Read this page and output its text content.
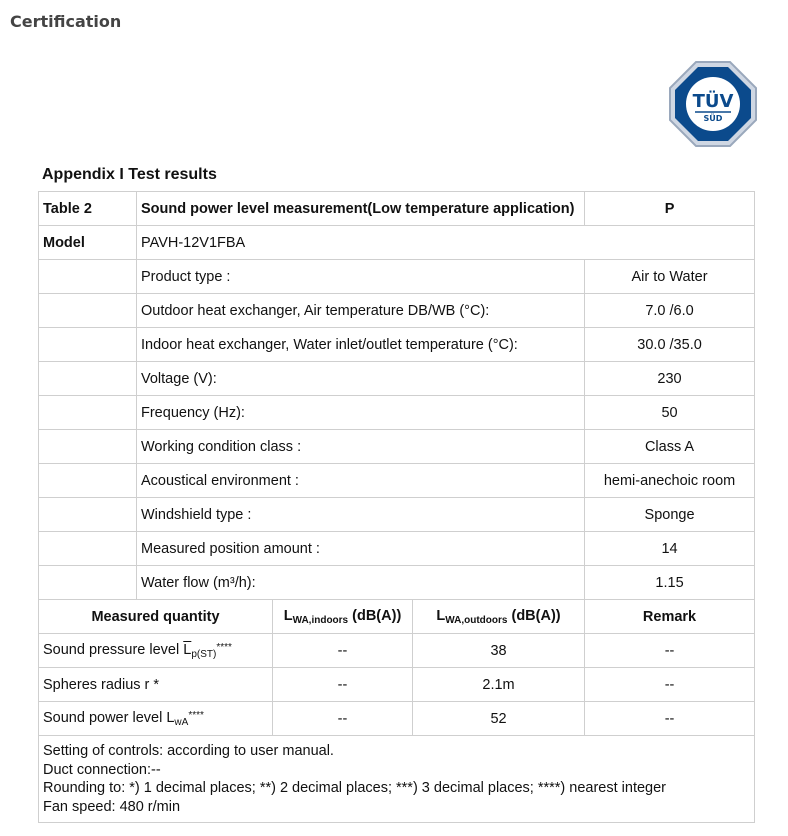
Certification
TÜV
SÜD
Appendix I Test results
Table 2	Sound power level measurement(Low temperature application)			P
Model	PAVH-12V1FBA			
	Product type :			Air to Water
	Outdoor heat exchanger, Air temperature DB/WB (°C):			7.0 /6.0
	Indoor heat exchanger, Water inlet/outlet temperature (°C):			30.0 /35.0
	Voltage (V):			230
	Frequency (Hz):			50
	Working condition class :			Class A
	Acoustical environment :			hemi-anechoic room
	Windshield type :			Sponge
	Measured position amount :			14
	Water flow (m³/h):			1.15
Measured quantity		$L_{WA,indoors}$ (dB(A))	$L_{WA,outdoors}$ (dB(A))	Remark
Sound pressure level $\overline{L}_{p(ST)}^{****}$		--	38	--
Spheres radius r *		--	2.1m	--
Sound power level $L_{wA}^{****}$		--	52	--

Setting of controls: according to user manual.
Duct connection:--
Rounding to: *) 1 decimal places; **) 2 decimal places; ***) 3 decimal places; ****) nearest integer
Fan speed: 480 r/min				
